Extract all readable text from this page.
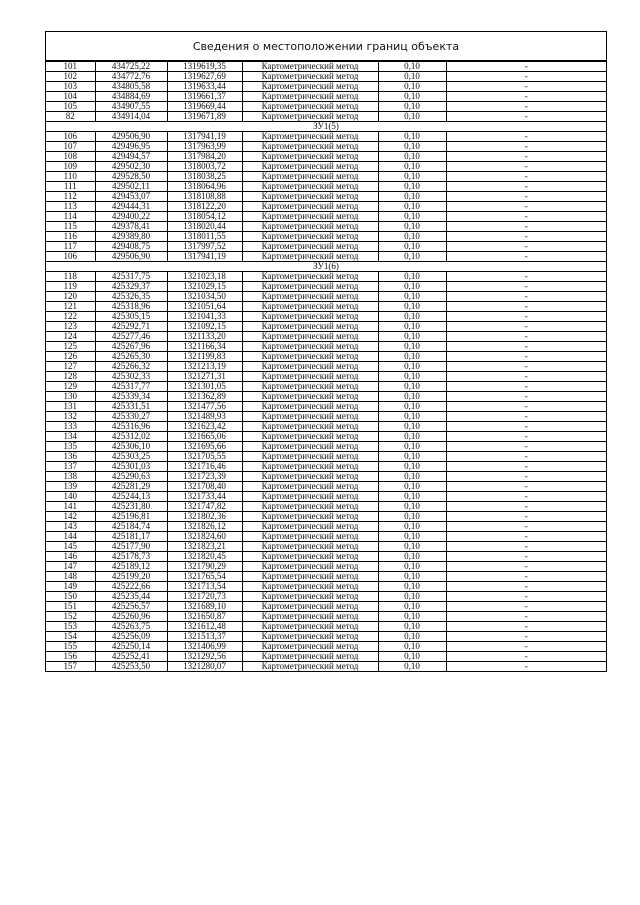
Сведения о местоположении границ объекта
101	434725,22	1319619,35	Картометрический метод	0,10	-
102	434772,76	1319627,69	Картометрический метод	0,10	-
103	434805,58	1319633,44	Картометрический метод	0,10	-
104	434884,69	1319661,37	Картометрический метод	0,10	-
105	434907,55	1319669,44	Картометрический метод	0,10	-
82	434914,04	1319671,89	Картометрический метод	0,10	-
ЗУ1(5)					
106	429506,90	1317941,19	Картометрический метод	0,10	-
107	429496,95	1317963,99	Картометрический метод	0,10	-
108	429494,57	1317984,20	Картометрический метод	0,10	-
109	429502,30	1318003,72	Картометрический метод	0,10	-
110	429528,50	1318038,25	Картометрический метод	0,10	-
111	429502,11	1318064,96	Картометрический метод	0,10	-
112	429453,07	1318108,88	Картометрический метод	0,10	-
113	429444,31	1318122,20	Картометрический метод	0,10	-
114	429400,22	1318054,12	Картометрический метод	0,10	-
115	429378,41	1318020,44	Картометрический метод	0,10	-
116	429389,80	1318011,55	Картометрический метод	0,10	-
117	429408,75	1317997,52	Картометрический метод	0,10	-
106	429506,90	1317941,19	Картометрический метод	0,10	-
ЗУ1(6)					
118	425317,75	1321023,18	Картометрический метод	0,10	-
119	425329,37	1321029,15	Картометрический метод	0,10	-
120	425326,35	1321034,50	Картометрический метод	0,10	-
121	425318,96	1321051,64	Картометрический метод	0,10	-
122	425305,15	1321041,33	Картометрический метод	0,10	-
123	425292,71	1321092,15	Картометрический метод	0,10	-
124	425277,46	1321133,20	Картометрический метод	0,10	-
125	425267,96	1321166,34	Картометрический метод	0,10	-
126	425265,30	1321199,83	Картометрический метод	0,10	-
127	425266,32	1321213,19	Картометрический метод	0,10	-
128	425302,33	1321271,31	Картометрический метод	0,10	-
129	425317,77	1321301,05	Картометрический метод	0,10	-
130	425339,34	1321362,89	Картометрический метод	0,10	-
131	425331,51	1321477,56	Картометрический метод	0,10	-
132	425330,27	1321489,93	Картометрический метод	0,10	-
133	425316,96	1321623,42	Картометрический метод	0,10	-
134	425312,02	1321665,06	Картометрический метод	0,10	-
135	425306,10	1321695,66	Картометрический метод	0,10	-
136	425303,25	1321705,55	Картометрический метод	0,10	-
137	425301,03	1321716,46	Картометрический метод	0,10	-
138	425290,63	1321723,39	Картометрический метод	0,10	-
139	425281,29	1321708,40	Картометрический метод	0,10	-
140	425244,13	1321733,44	Картометрический метод	0,10	-
141	425231,80	1321747,82	Картометрический метод	0,10	-
142	425196,81	1321802,36	Картометрический метод	0,10	-
143	425184,74	1321826,12	Картометрический метод	0,10	-
144	425181,17	1321824,60	Картометрический метод	0,10	-
145	425177,90	1321823,21	Картометрический метод	0,10	-
146	425178,73	1321820,45	Картометрический метод	0,10	-
147	425189,12	1321790,29	Картометрический метод	0,10	-
148	425199,20	1321765,54	Картометрический метод	0,10	-
149	425222,66	1321713,54	Картометрический метод	0,10	-
150	425235,44	1321720,73	Картометрический метод	0,10	-
151	425256,57	1321689,10	Картометрический метод	0,10	-
152	425260,96	1321650,87	Картометрический метод	0,10	-
153	425263,75	1321612,48	Картометрический метод	0,10	-
154	425256,09	1321513,37	Картометрический метод	0,10	-
155	425250,14	1321406,99	Картометрический метод	0,10	-
156	425252,41	1321292,56	Картометрический метод	0,10	-
157	425253,50	1321280,07	Картометрический метод	0,10	-
